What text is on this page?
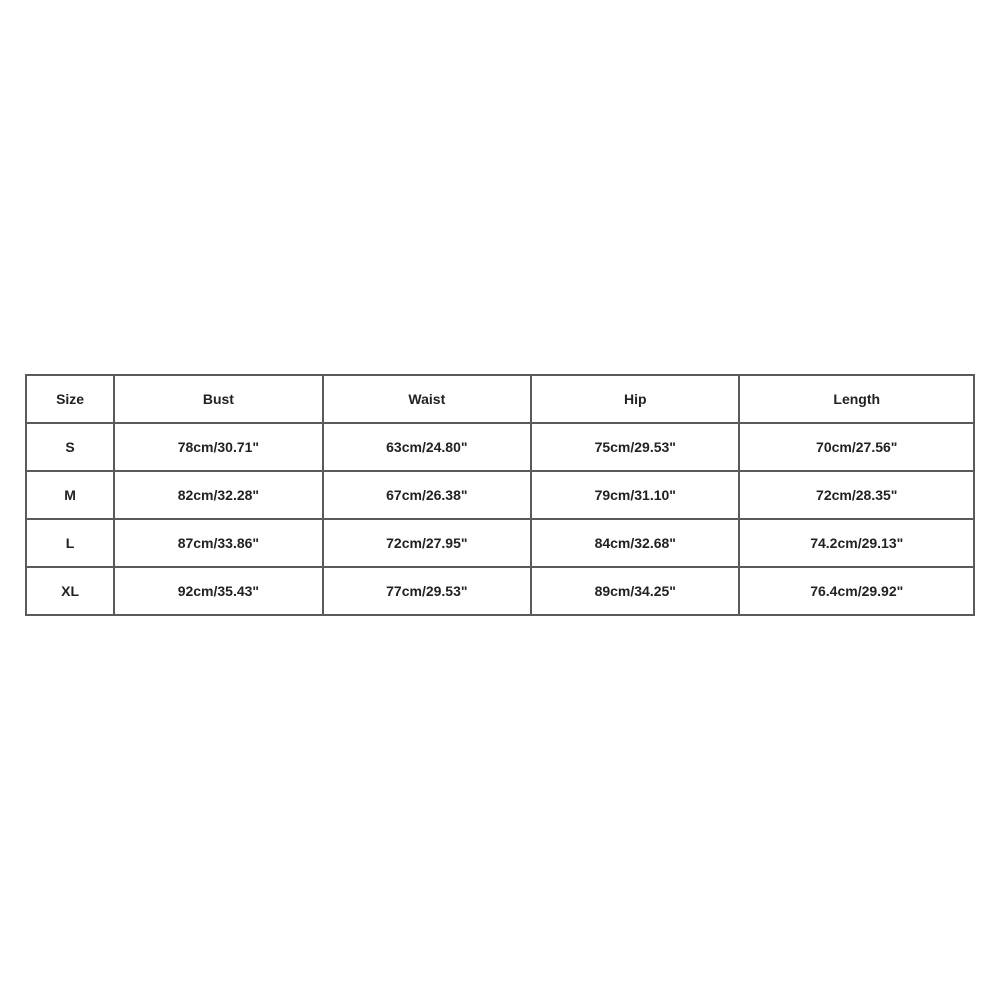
Size	Bust	Waist	Hip	Length
S	78cm/30.71"	63cm/24.80"	75cm/29.53"	70cm/27.56"
M	82cm/32.28"	67cm/26.38"	79cm/31.10"	72cm/28.35"
L	87cm/33.86"	72cm/27.95"	84cm/32.68"	74.2cm/29.13"
XL	92cm/35.43"	77cm/29.53"	89cm/34.25"	76.4cm/29.92"
